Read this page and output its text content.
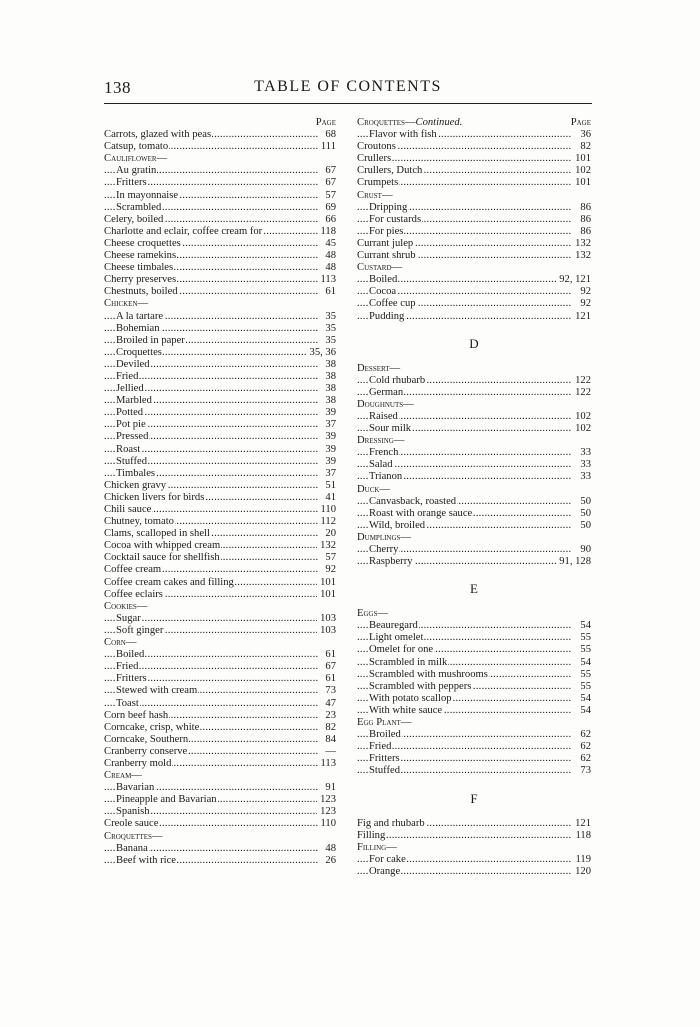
138	TABLE OF CONTENTS
Page

. . .
Carrots, glazed with peas	68
. . .
Catsup, tomato	111
Cauliflower—
. . .
Au gratin	67
. . .
Fritters	67
. . .
In mayonnaise	57
. . .
Scrambled	69
. . .
Celery, boiled	66
. . .
Charlotte and eclair, coffee cream for	118
. . .
Cheese croquettes	45
. . .
Cheese ramekins	48
. . .
Cheese timbales	48
. . .
Cherry preserves	113
. . .
Chestnuts, boiled	61
Chicken—
. . .
A la tartare	35
. . .
Bohemian	35
. . .
Broiled in paper	35
. . .
Croquettes	35, 36
. . .
Deviled	38
. . .
Fried	38
. . .
Jellied	38
. . .
Marbled	38
. . .
Potted	39
. . .
Pot pie	37
. . .
Pressed	39
. . .
Roast	39
. . .
Stuffed	39
. . .
Timbales	37
. . .
Chicken gravy	51
. . .
Chicken livers for birds	41
. . .
Chili sauce	110
. . .
Chutney, tomato	112
. . .
Clams, scalloped in shell	20
. . .
Cocoa with whipped cream	132
. . .
Cocktail sauce for shellfish	57
. . .
Coffee cream	92
. . .
Coffee cream cakes and filling	101
. . .
Coffee eclairs	101
Cookies—
. . .
Sugar	103
. . .
Soft ginger	103
Corn—
. . .
Boiled	61
. . .
Fried	67
. . .
Fritters	61
. . .
Stewed with cream	73
. . .
Toast	47
. . .
Corn beef hash	23
. . .
Corncake, crisp, white	82
. . .
Corncake, Southern	84
. . .
Cranberry conserve	—
. . .
Cranberry mold	113
Cream—
. . .
Bavarian	91
. . .
Pineapple and Bavarian	123
. . .
Spanish	123
. . .
Creole sauce	110
Croquettes—
. . .
Banana	48
. . .
Beef with rice	26
Croquettes—Continued.	Page
. . .
Flavor with fish	36
. . .
Croutons	82
. . .
Crullers	101
. . .
Crullers, Dutch	102
. . .
Crumpets	101
Crust—
. . .
Dripping	86
. . .
For custards	86
. . .
For pies	86
. . .
Currant julep	132
. . .
Currant shrub	132
Custard—
. . .
Boiled	92, 121
. . .
Cocoa	92
. . .
Coffee cup	92
. . .
Pudding	121
D
Dessert—
. . .
Cold rhubarb	122
. . .
German	122
Doughnuts—
. . .
Raised	102
. . .
Sour milk	102
Dressing—
. . .
French	33
. . .
Salad	33
. . .
Trianon	33
Duck—
. . .
Canvasback, roasted	50
. . .
Roast with orange sauce	50
. . .
Wild, broiled	50
Dumplings—
. . .
Cherry	90
. . .
Raspberry	91, 128
E
Eggs—
. . .
Beauregard	54
. . .
Light omelet	55
. . .
Omelet for one	55
. . .
Scrambled in milk	54
. . .
Scrambled with mushrooms	55
. . .
Scrambled with peppers	55
. . .
With potato scallop	54
. . .
With white sauce	54
Egg Plant—
. . .
Broiled	62
. . .
Fried	62
. . .
Fritters	62
. . .
Stuffed	73
F
. . .
Fig and rhubarb	121
. . .
Filling	118
Filling—
. . .
For cake	119
. . .
Orange	120
